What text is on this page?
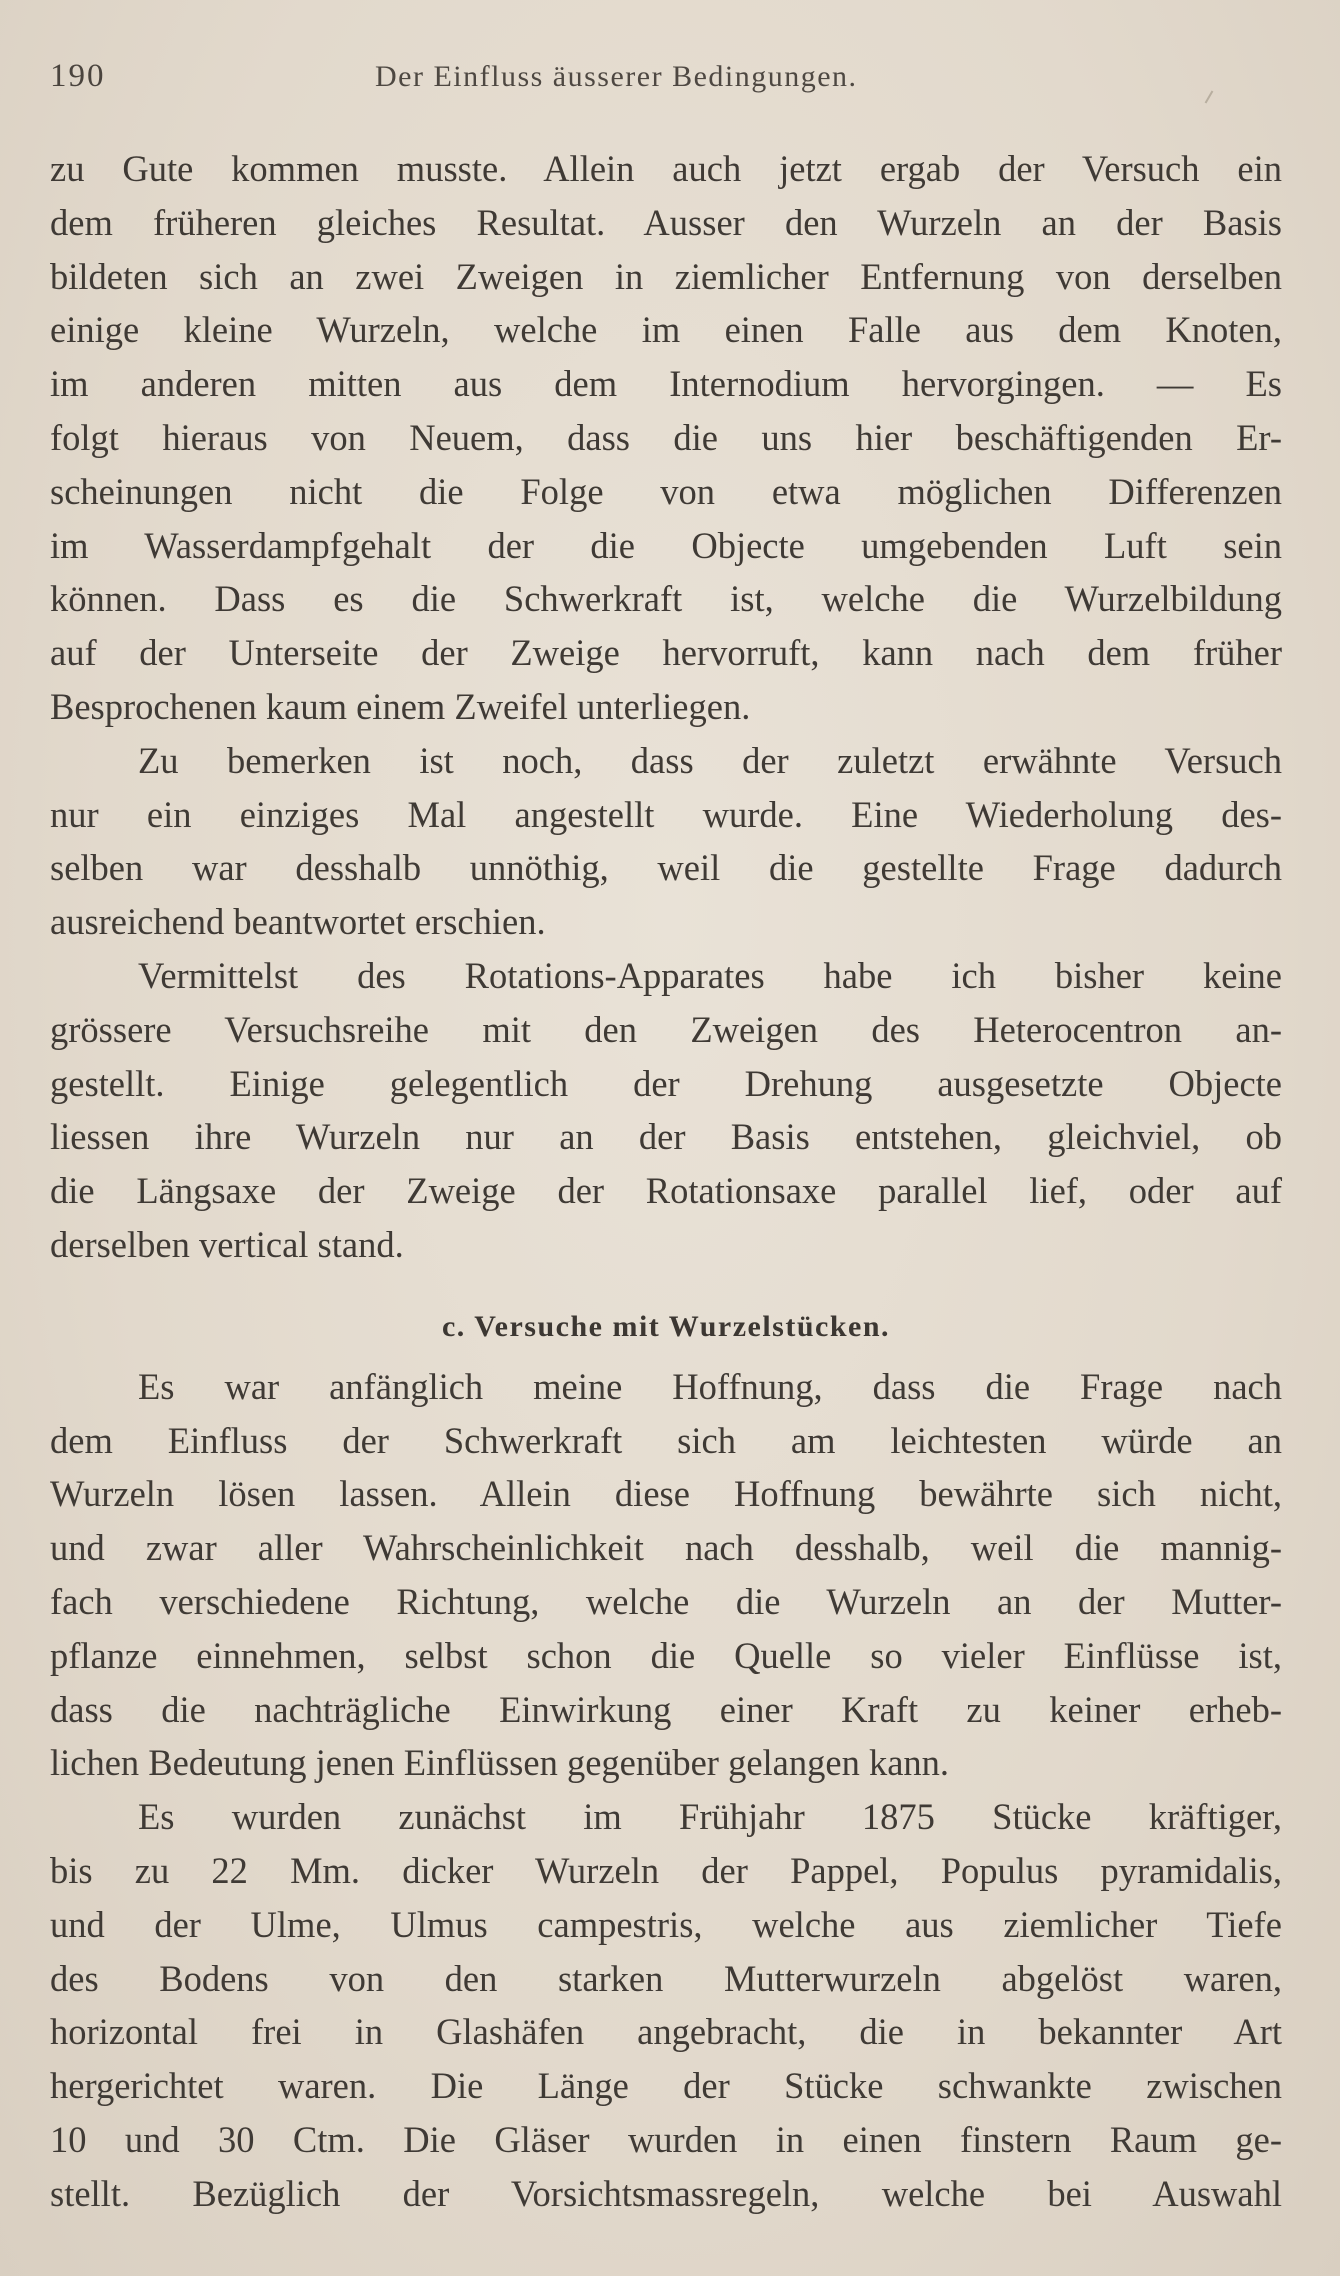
190	Der Einfluss äusserer Bedingungen.
zu Gute kommen musste. Allein auch jetzt ergab der Versuch ein
dem früheren gleiches Resultat. Ausser den Wurzeln an der Basis
bildeten sich an zwei Zweigen in ziemlicher Entfernung von derselben
einige kleine Wurzeln, welche im einen Falle aus dem Knoten,
im anderen mitten aus dem Internodium hervorgingen. — Es
folgt hieraus von Neuem, dass die uns hier beschäftigenden Er-
scheinungen nicht die Folge von etwa möglichen Differenzen
im Wasserdampfgehalt der die Objecte umgebenden Luft sein
können. Dass es die Schwerkraft ist, welche die Wurzelbildung
auf der Unterseite der Zweige hervorruft, kann nach dem früher
Besprochenen kaum einem Zweifel unterliegen.
Zu bemerken ist noch, dass der zuletzt erwähnte Versuch
nur ein einziges Mal angestellt wurde. Eine Wiederholung des-
selben war desshalb unnöthig, weil die gestellte Frage dadurch
ausreichend beantwortet erschien.
Vermittelst des Rotations-Apparates habe ich bisher keine
grössere Versuchsreihe mit den Zweigen des Heterocentron an-
gestellt. Einige gelegentlich der Drehung ausgesetzte Objecte
liessen ihre Wurzeln nur an der Basis entstehen, gleichviel, ob
die Längsaxe der Zweige der Rotationsaxe parallel lief, oder auf
derselben vertical stand.
c. Versuche mit Wurzelstücken.
Es war anfänglich meine Hoffnung, dass die Frage nach
dem Einfluss der Schwerkraft sich am leichtesten würde an
Wurzeln lösen lassen. Allein diese Hoffnung bewährte sich nicht,
und zwar aller Wahrscheinlichkeit nach desshalb, weil die mannig-
fach verschiedene Richtung, welche die Wurzeln an der Mutter-
pflanze einnehmen, selbst schon die Quelle so vieler Einflüsse ist,
dass die nachträgliche Einwirkung einer Kraft zu keiner erheb-
lichen Bedeutung jenen Einflüssen gegenüber gelangen kann.
Es wurden zunächst im Frühjahr 1875 Stücke kräftiger,
bis zu 22 Mm. dicker Wurzeln der Pappel, Populus pyramidalis,
und der Ulme, Ulmus campestris, welche aus ziemlicher Tiefe
des Bodens von den starken Mutterwurzeln abgelöst waren,
horizontal frei in Glashäfen angebracht, die in bekannter Art
hergerichtet waren. Die Länge der Stücke schwankte zwischen
10 und 30 Ctm. Die Gläser wurden in einen finstern Raum ge-
stellt. Bezüglich der Vorsichtsmassregeln, welche bei Auswahl
